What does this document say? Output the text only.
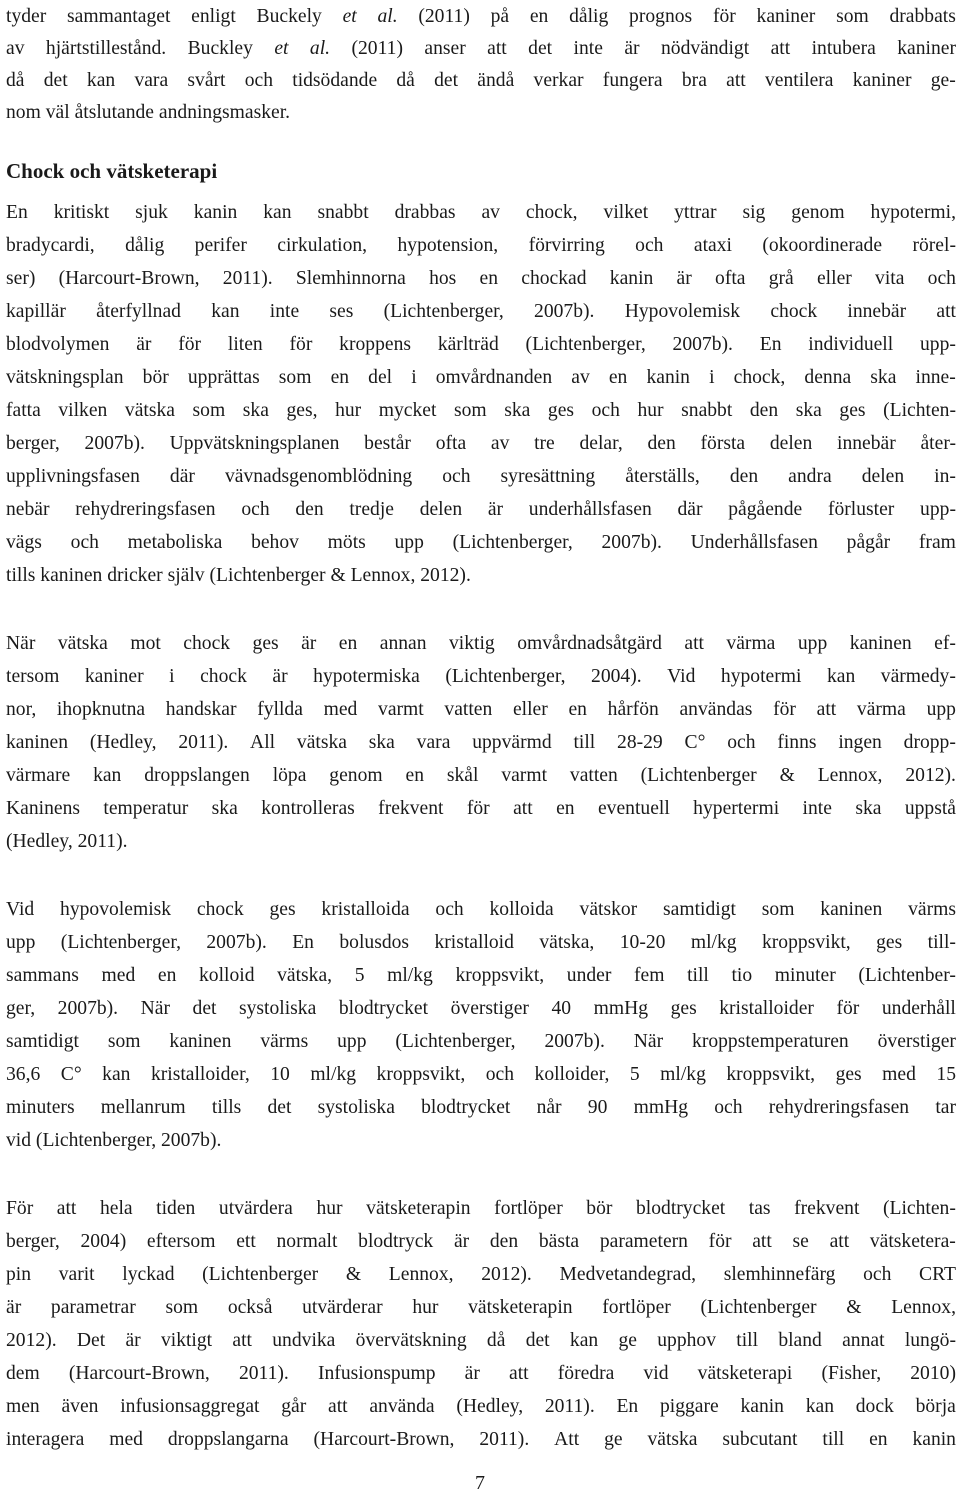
tyder sammantaget enligt Buckely et al. (2011) på en dålig prognos för kaniner som drabbats
av hjärtstillestånd. Buckley et al. (2011) anser att det inte är nödvändigt att intubera kaniner
då det kan vara svårt och tidsödande då det ändå verkar fungera bra att ventilera kaniner ge-
nom väl åtslutande andningsmasker.
Chock och vätsketerapi
En kritiskt sjuk kanin kan snabbt drabbas av chock, vilket yttrar sig genom hypotermi,
bradycardi, dålig perifer cirkulation, hypotension, förvirring och ataxi (okoordinerade rörel-
ser) (Harcourt-Brown, 2011). Slemhinnorna hos en chockad kanin är ofta grå eller vita och
kapillär återfyllnad kan inte ses (Lichtenberger, 2007b). Hypovolemisk chock innebär att
blodvolymen är för liten för kroppens kärlträd (Lichtenberger, 2007b). En individuell upp-
vätskningsplan bör upprättas som en del i omvårdnanden av en kanin i chock, denna ska inne-
fatta vilken vätska som ska ges, hur mycket som ska ges och hur snabbt den ska ges (Lichten-
berger, 2007b). Uppvätskningsplanen består ofta av tre delar, den första delen innebär åter-
upplivningsfasen där vävnadsgenomblödning och syresättning återställs, den andra delen in-
nebär rehydreringsfasen och den tredje delen är underhållsfasen där pågående förluster upp-
vägs och metaboliska behov möts upp (Lichtenberger, 2007b). Underhållsfasen pågår fram
tills kaninen dricker själv (Lichtenberger & Lennox, 2012).
När vätska mot chock ges är en annan viktig omvårdnadsåtgärd att värma upp kaninen ef-
tersom kaniner i chock är hypotermiska (Lichtenberger, 2004). Vid hypotermi kan värmedy-
nor, ihopknutna handskar fyllda med varmt vatten eller en hårfön användas för att värma upp
kaninen (Hedley, 2011). All vätska ska vara uppvärmd till 28-29 C° och finns ingen dropp-
värmare kan droppslangen löpa genom en skål varmt vatten (Lichtenberger & Lennox, 2012).
Kaninens temperatur ska kontrolleras frekvent för att en eventuell hypertermi inte ska uppstå
(Hedley, 2011).
Vid hypovolemisk chock ges kristalloida och kolloida vätskor samtidigt som kaninen värms
upp (Lichtenberger, 2007b). En bolusdos kristalloid vätska, 10-20 ml/kg kroppsvikt, ges till-
sammans med en kolloid vätska, 5 ml/kg kroppsvikt, under fem till tio minuter (Lichtenber-
ger, 2007b). När det systoliska blodtrycket överstiger 40 mmHg ges kristalloider för underhåll
samtidigt som kaninen värms upp (Lichtenberger, 2007b). När kroppstemperaturen överstiger
36,6 C° kan kristalloider, 10 ml/kg kroppsvikt, och kolloider, 5 ml/kg kroppsvikt, ges med 15
minuters mellanrum tills det systoliska blodtrycket når 90 mmHg och rehydreringsfasen tar
vid (Lichtenberger, 2007b).
För att hela tiden utvärdera hur vätsketerapin fortlöper bör blodtrycket tas frekvent (Lichten-
berger, 2004) eftersom ett normalt blodtryck är den bästa parametern för att se att vätsketera-
pin varit lyckad (Lichtenberger & Lennox, 2012). Medvetandegrad, slemhinnefärg och CRT
är parametrar som också utvärderar hur vätsketerapin fortlöper (Lichtenberger & Lennox,
2012). Det är viktigt att undvika övervätskning då det kan ge upphov till bland annat lungö-
dem (Harcourt-Brown, 2011). Infusionspump är att föredra vid vätsketerapi (Fisher, 2010)
men även infusionsaggregat går att använda (Hedley, 2011). En piggare kanin kan dock börja
interagera med droppslangarna (Harcourt-Brown, 2011). Att ge vätska subcutant till en kanin
7
